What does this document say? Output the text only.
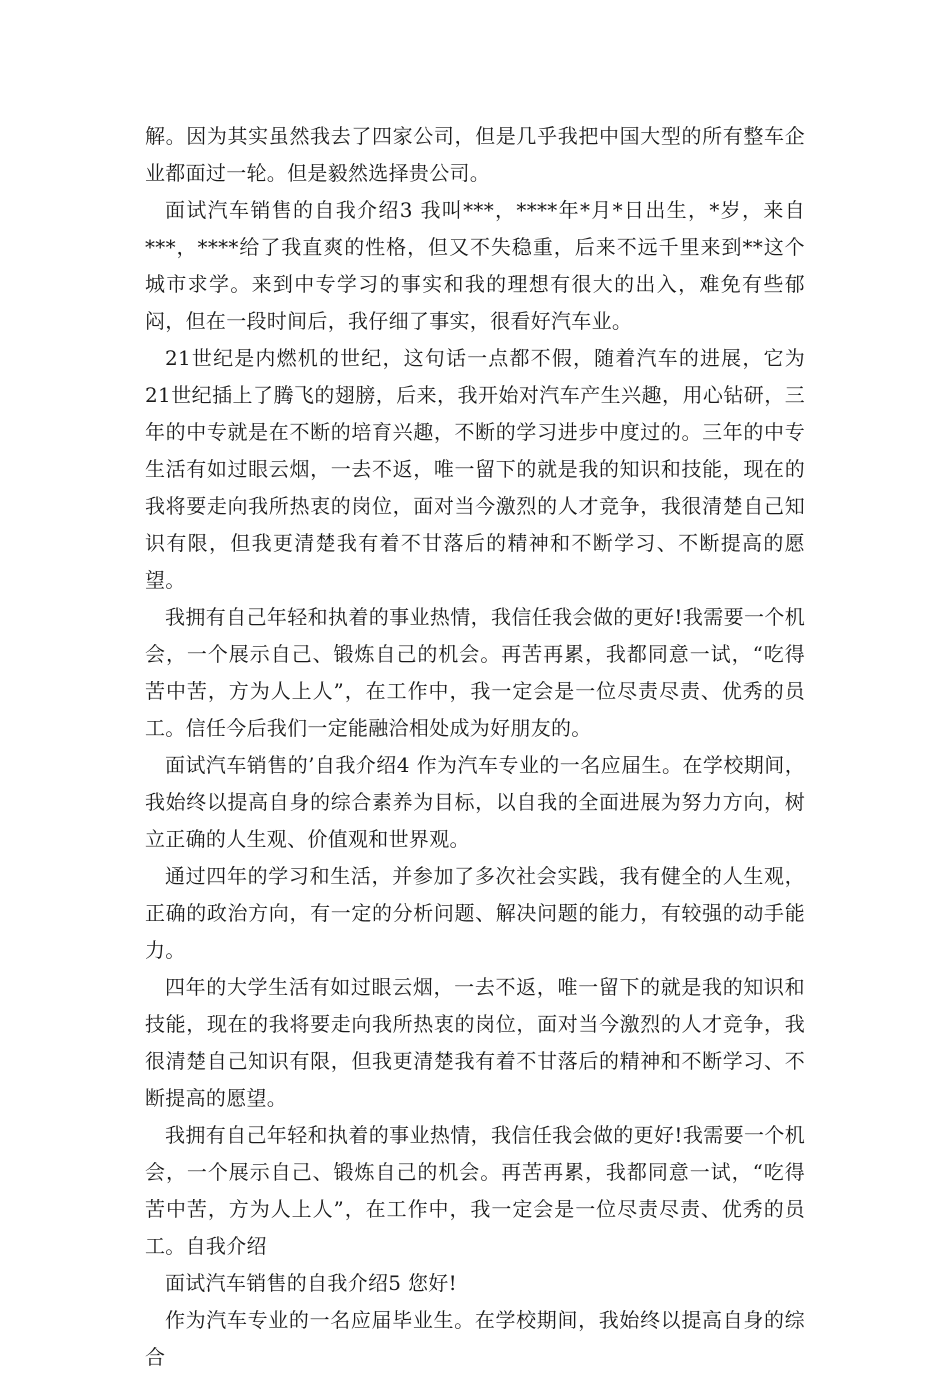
解。因为其实虽然我去了四家公司，但是几乎我把中国大型的所有整车企业都面过一轮。但是毅然选择贵公司。
面试汽车销售的自我介绍3 我叫***，****年*月*日出生，*岁，来自***，****给了我直爽的性格，但又不失稳重，后来不远千里来到**这个城市求学。来到中专学习的事实和我的理想有很大的出入，难免有些郁闷，但在一段时间后，我仔细了事实，很看好汽车业。
21世纪是内燃机的世纪，这句话一点都不假，随着汽车的进展，它为21世纪插上了腾飞的翅膀，后来，我开始对汽车产生兴趣，用心钻研，三年的中专就是在不断的培育兴趣，不断的学习进步中度过的。三年的中专生活有如过眼云烟，一去不返，唯一留下的就是我的知识和技能，现在的我将要走向我所热衷的岗位，面对当今激烈的人才竞争，我很清楚自己知识有限，但我更清楚我有着不甘落后的精神和不断学习、不断提高的愿望。
我拥有自己年轻和执着的事业热情，我信任我会做的更好!我需要一个机会，一个展示自己、锻炼自己的机会。再苦再累，我都同意一试，“吃得苦中苦，方为人上人”，在工作中，我一定会是一位尽责尽责、优秀的员工。信任今后我们一定能融洽相处成为好朋友的。
面试汽车销售的’自我介绍4 作为汽车专业的一名应届生。在学校期间，我始终以提高自身的综合素养为目标，以自我的全面进展为努力方向，树立正确的人生观、价值观和世界观。
通过四年的学习和生活，并参加了多次社会实践，我有健全的人生观，正确的政治方向，有一定的分析问题、解决问题的能力，有较强的动手能力。
四年的大学生活有如过眼云烟，一去不返，唯一留下的就是我的知识和技能，现在的我将要走向我所热衷的岗位，面对当今激烈的人才竞争，我很清楚自己知识有限，但我更清楚我有着不甘落后的精神和不断学习、不断提高的愿望。
我拥有自己年轻和执着的事业热情，我信任我会做的更好!我需要一个机会，一个展示自己、锻炼自己的机会。再苦再累，我都同意一试，“吃得苦中苦，方为人上人”，在工作中，我一定会是一位尽责尽责、优秀的员工。自我介绍
面试汽车销售的自我介绍5 您好!
作为汽车专业的一名应届毕业生。在学校期间，我始终以提高自身的综合
